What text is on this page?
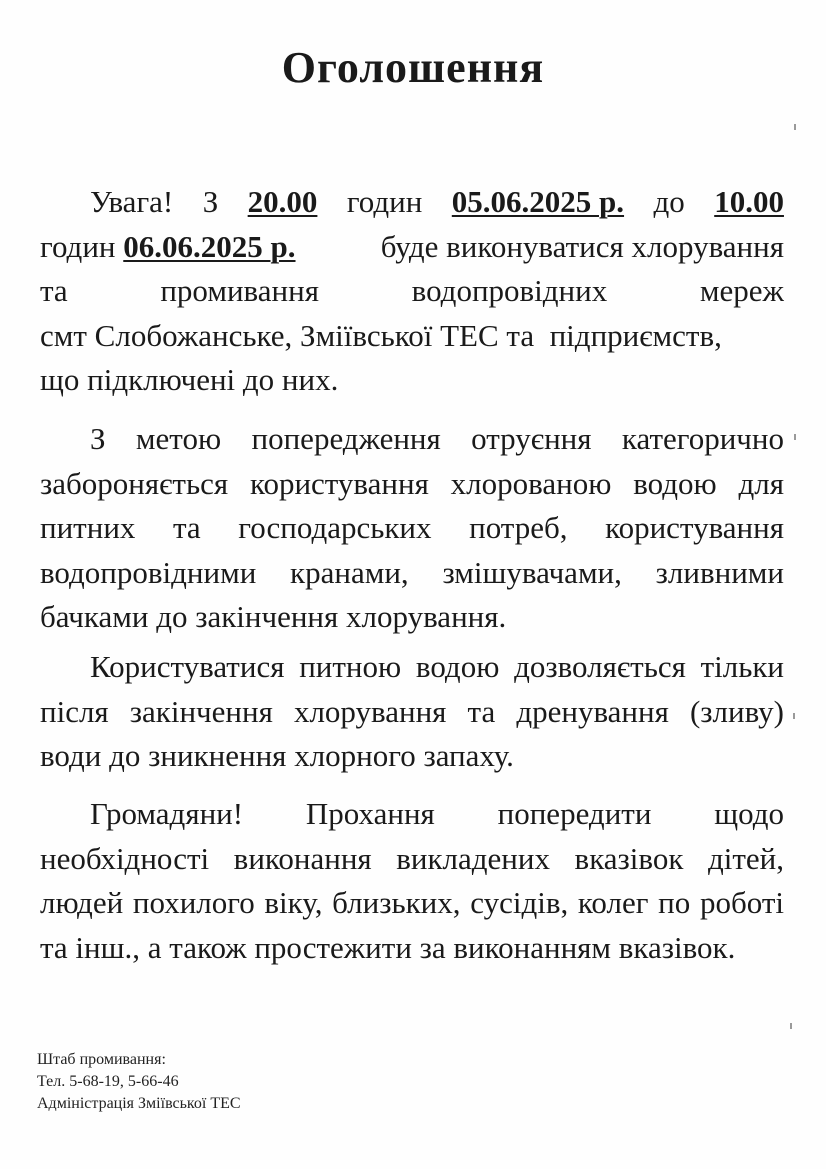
Оголошення
Увага! З 20.00 годин 05.06.2025 р. до 10.00
годин 06.06.2025 р.	буде виконуватися хлорування
та	промивання	водопровідних	мереж
смт Слобожанське, Зміївської ТЕС та  підприємств,
що підключені до них.

З метою попередження отруєння категорично забороняється користування хлорованою водою для питних та господарських потреб, користування водопровідними кранами, змішувачами, зливними бачками до закінчення хлорування.

Користуватися питною водою дозволяється тільки після закінчення хлорування та дренування (зливу) води до зникнення хлорного запаху.

Громадяни! Прохання попередити щодо необхідності виконання викладених вказівок дітей, людей похилого віку, близьких, сусідів, колег по роботі та інш., а також простежити за виконанням вказівок.

Штаб промивання:
Тел. 5-68-19, 5-66-46
Адміністрація Зміївської ТЕС
